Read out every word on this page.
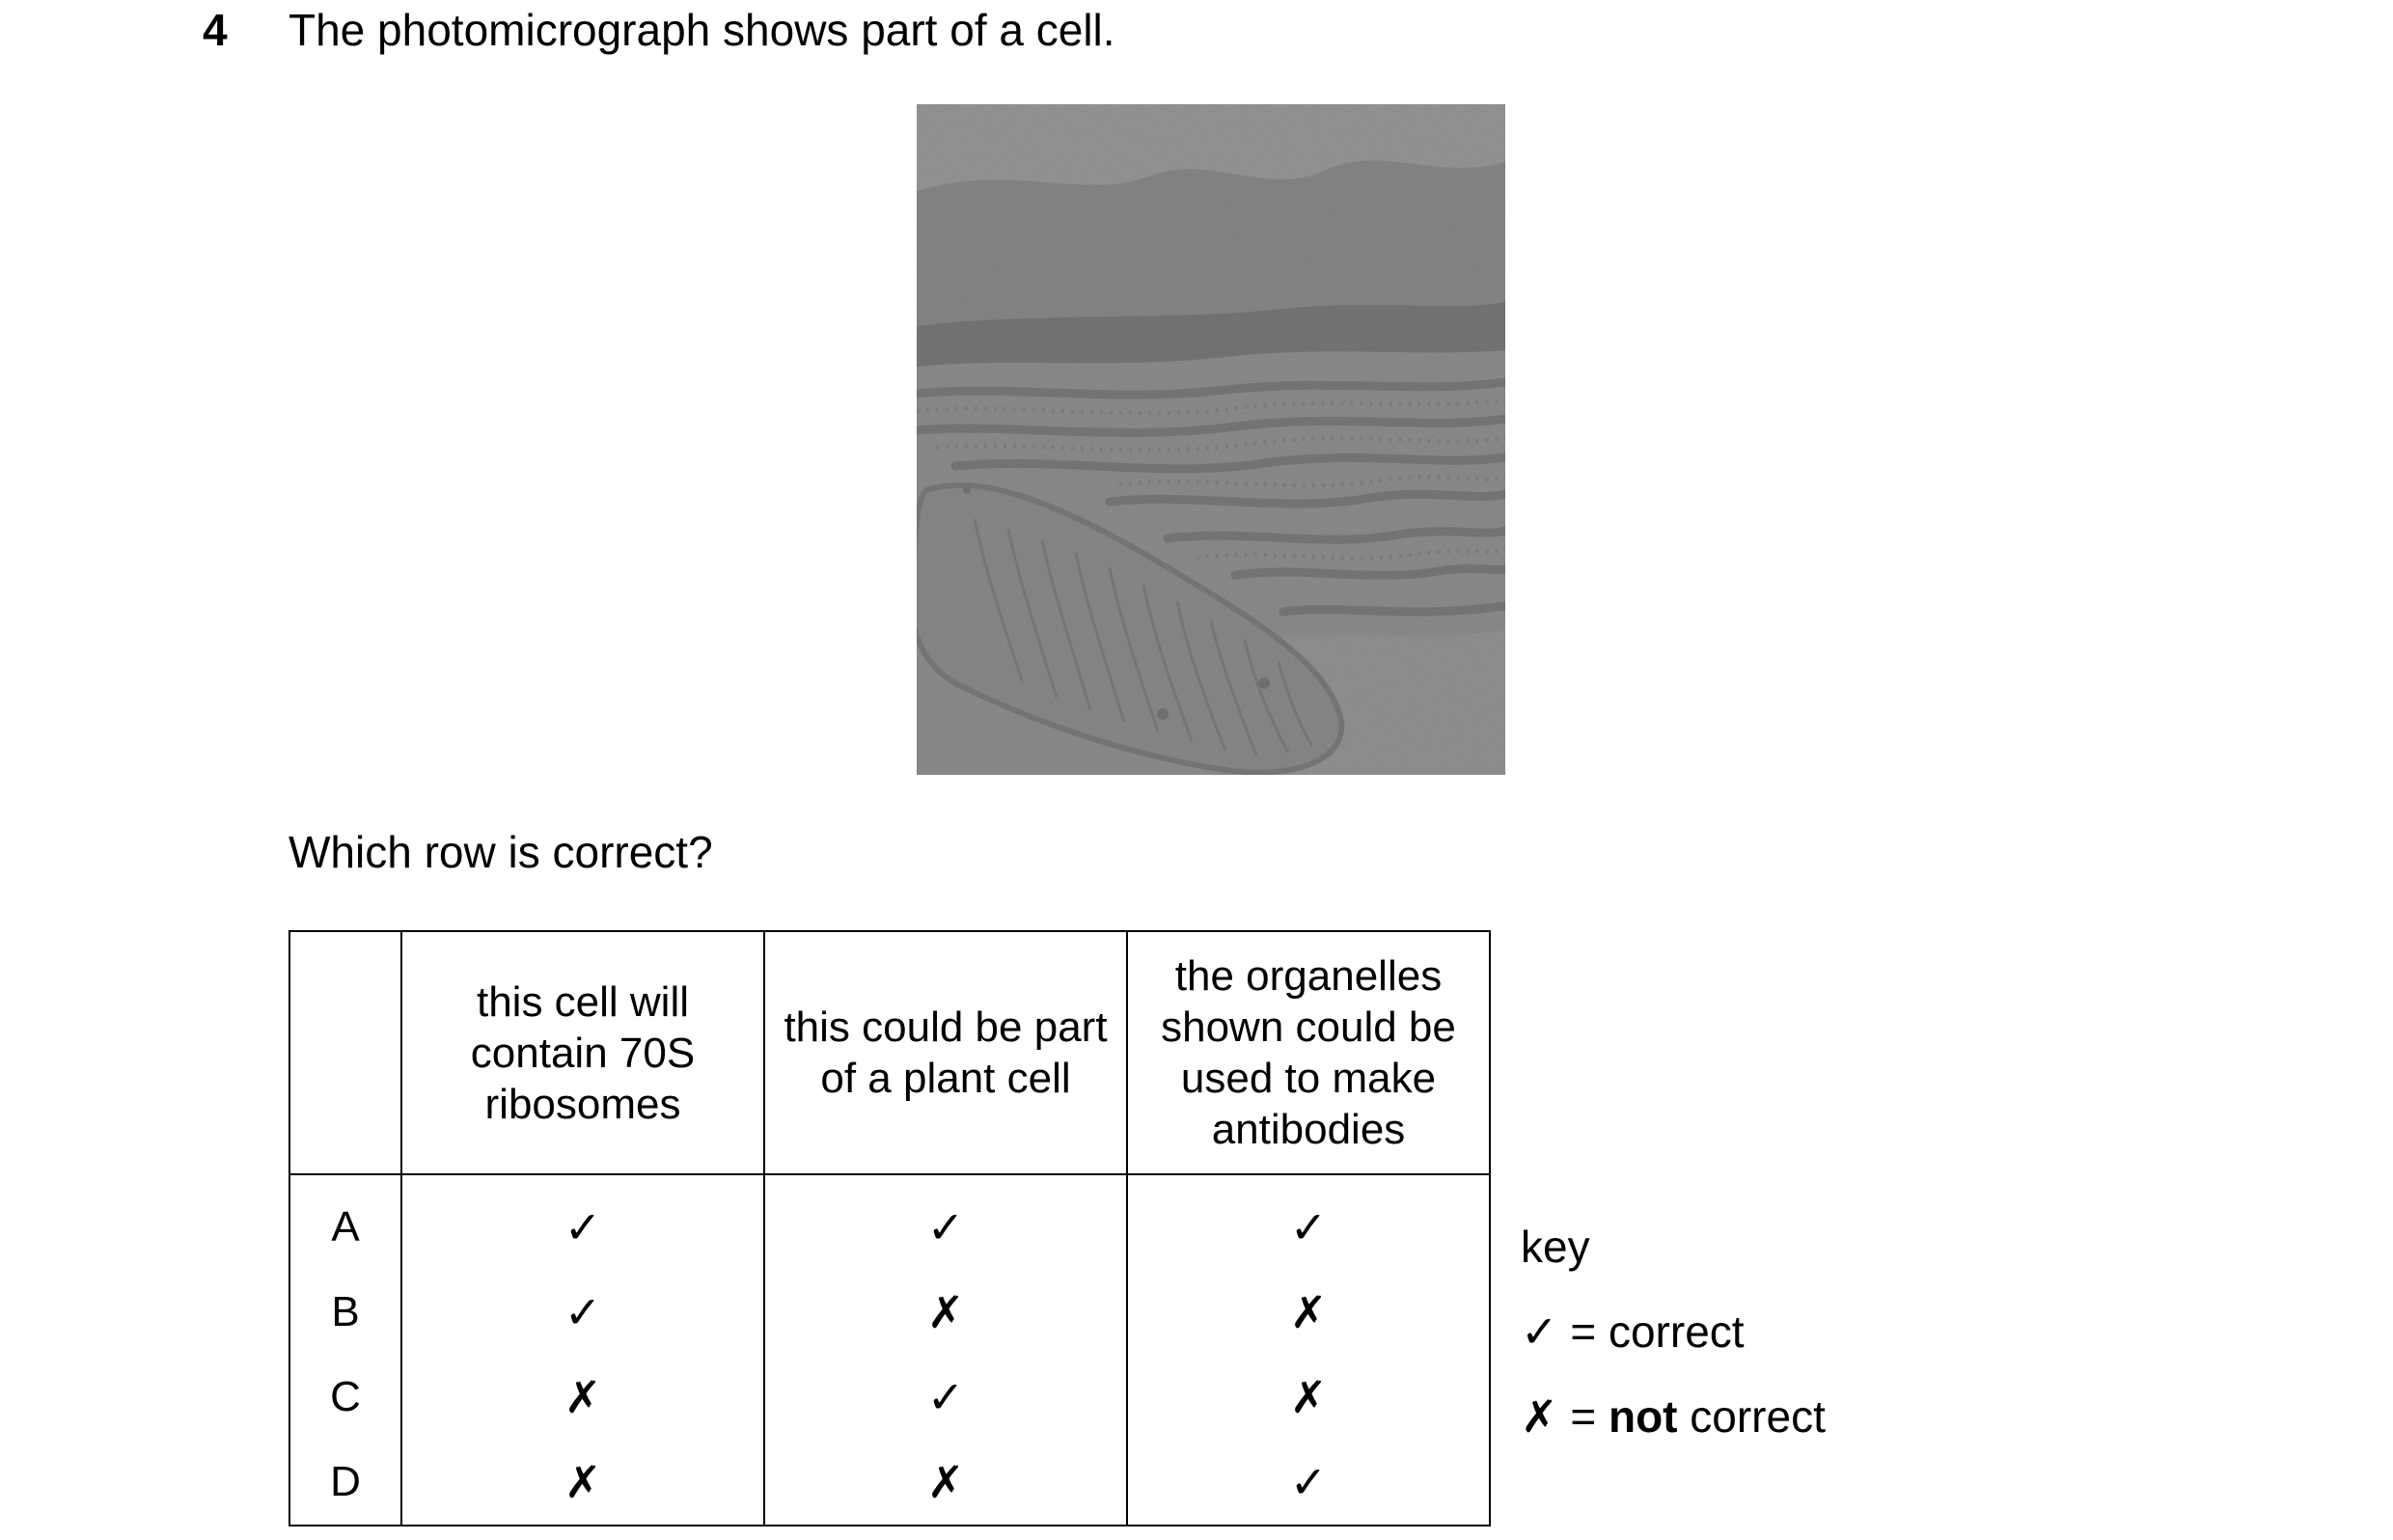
4 The photomicrograph shows part of a cell.
Which row is correct?
	this cell will contain 70S ribosomes	this could be part of a plant cell	the organelles shown could be used to make antibodies
A	✓	✓	✓
B	✓	✗	✗
C	✗	✓	✗
D	✗	✗	✓
key
✓ = correct
✗ = not correct
